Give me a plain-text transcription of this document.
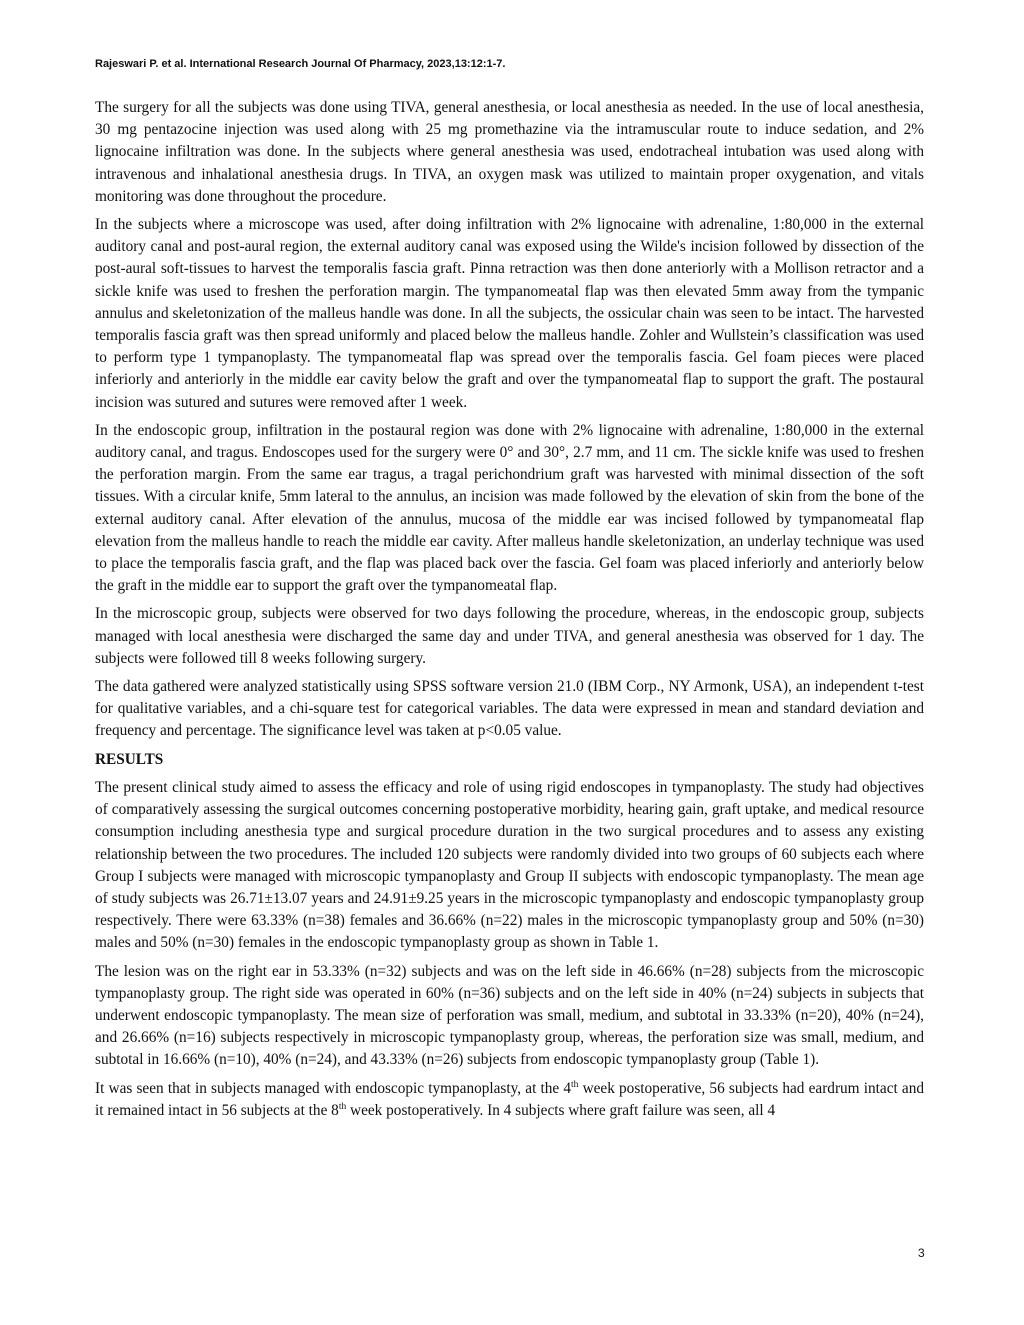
Rajeswari P. et al. International Research Journal Of Pharmacy, 2023,13:12:1-7.

The surgery for all the subjects was done using TIVA, general anesthesia, or local anesthesia as needed. In the use of local anesthesia, 30 mg pentazocine injection was used along with 25 mg promethazine via the intramuscular route to induce sedation, and 2% lignocaine infiltration was done. In the subjects where general anesthesia was used, endotracheal intubation was used along with intravenous and inhalational anesthesia drugs. In TIVA, an oxygen mask was utilized to maintain proper oxygenation, and vitals monitoring was done throughout the procedure.

In the subjects where a microscope was used, after doing infiltration with 2% lignocaine with adrenaline, 1:80,000 in the external auditory canal and post-aural region, the external auditory canal was exposed using the Wilde's incision followed by dissection of the post-aural soft-tissues to harvest the temporalis fascia graft. Pinna retraction was then done anteriorly with a Mollison retractor and a sickle knife was used to freshen the perforation margin. The tympanomeatal flap was then elevated 5mm away from the tympanic annulus and skeletonization of the malleus handle was done. In all the subjects, the ossicular chain was seen to be intact. The harvested temporalis fascia graft was then spread uniformly and placed below the malleus handle. Zohler and Wullstein’s classification was used to perform type 1 tympanoplasty. The tympanomeatal flap was spread over the temporalis fascia. Gel foam pieces were placed inferiorly and anteriorly in the middle ear cavity below the graft and over the tympanomeatal flap to support the graft. The postaural incision was sutured and sutures were removed after 1 week.

In the endoscopic group, infiltration in the postaural region was done with 2% lignocaine with adrenaline, 1:80,000 in the external auditory canal, and tragus. Endoscopes used for the surgery were 0° and 30°, 2.7 mm, and 11 cm. The sickle knife was used to freshen the perforation margin. From the same ear tragus, a tragal perichondrium graft was harvested with minimal dissection of the soft tissues. With a circular knife, 5mm lateral to the annulus, an incision was made followed by the elevation of skin from the bone of the external auditory canal. After elevation of the annulus, mucosa of the middle ear was incised followed by tympanomeatal flap elevation from the malleus handle to reach the middle ear cavity. After malleus handle skeletonization, an underlay technique was used to place the temporalis fascia graft, and the flap was placed back over the fascia. Gel foam was placed inferiorly and anteriorly below the graft in the middle ear to support the graft over the tympanomeatal flap.

In the microscopic group, subjects were observed for two days following the procedure, whereas, in the endoscopic group, subjects managed with local anesthesia were discharged the same day and under TIVA, and general anesthesia was observed for 1 day. The subjects were followed till 8 weeks following surgery.

The data gathered were analyzed statistically using SPSS software version 21.0 (IBM Corp., NY Armonk, USA), an independent t-test for qualitative variables, and a chi-square test for categorical variables. The data were expressed in mean and standard deviation and frequency and percentage. The significance level was taken at p<0.05 value.

RESULTS

The present clinical study aimed to assess the efficacy and role of using rigid endoscopes in tympanoplasty. The study had objectives of comparatively assessing the surgical outcomes concerning postoperative morbidity, hearing gain, graft uptake, and medical resource consumption including anesthesia type and surgical procedure duration in the two surgical procedures and to assess any existing relationship between the two procedures. The included 120 subjects were randomly divided into two groups of 60 subjects each where Group I subjects were managed with microscopic tympanoplasty and Group II subjects with endoscopic tympanoplasty. The mean age of study subjects was 26.71±13.07 years and 24.91±9.25 years in the microscopic tympanoplasty and endoscopic tympanoplasty group respectively. There were 63.33% (n=38) females and 36.66% (n=22) males in the microscopic tympanoplasty group and 50% (n=30) males and 50% (n=30) females in the endoscopic tympanoplasty group as shown in Table 1.

The lesion was on the right ear in 53.33% (n=32) subjects and was on the left side in 46.66% (n=28) subjects from the microscopic tympanoplasty group. The right side was operated in 60% (n=36) subjects and on the left side in 40% (n=24) subjects in subjects that underwent endoscopic tympanoplasty. The mean size of perforation was small, medium, and subtotal in 33.33% (n=20), 40% (n=24), and 26.66% (n=16) subjects respectively in microscopic tympanoplasty group, whereas, the perforation size was small, medium, and subtotal in 16.66% (n=10), 40% (n=24), and 43.33% (n=26) subjects from endoscopic tympanoplasty group (Table 1).

It was seen that in subjects managed with endoscopic tympanoplasty, at the 4th week postoperative, 56 subjects had eardrum intact and it remained intact in 56 subjects at the 8th week postoperatively. In 4 subjects where graft failure was seen, all 4

3
